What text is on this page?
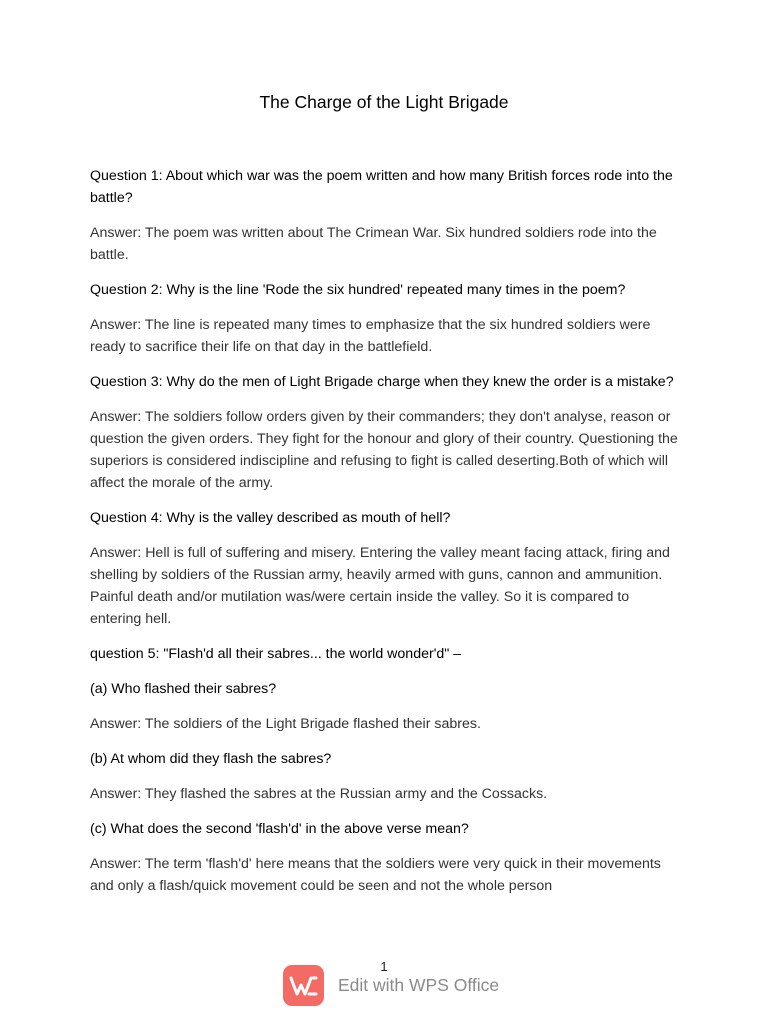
The Charge of the Light Brigade

Question 1: About which war was the poem written and how many British forces rode into the battle?

Answer: The poem was written about The Crimean War. Six hundred soldiers rode into the battle.

Question 2: Why is the line 'Rode the six hundred' repeated many times in the poem?

Answer: The line is repeated many times to emphasize that the six hundred soldiers were ready to sacrifice their life on that day in the battlefield.

Question 3: Why do the men of Light Brigade charge when they knew the order is a mistake?

Answer: The soldiers follow orders given by their commanders; they don't analyse, reason or question the given orders. They fight for the honour and glory of their country. Questioning the superiors is considered indiscipline and refusing to fight is called deserting.Both of which will affect the morale of the army.

Question 4: Why is the valley described as mouth of hell?

Answer: Hell is full of suffering and misery. Entering the valley meant facing attack, firing and shelling by soldiers of the Russian army, heavily armed with guns, cannon and ammunition. Painful death and/or mutilation was/were certain inside the valley. So it is compared to entering hell.

question 5: "Flash'd all their sabres... the world wonder'd" –

(a) Who flashed their sabres?

Answer: The soldiers of the Light Brigade flashed their sabres.

(b) At whom did they flash the sabres?

Answer: They flashed the sabres at the Russian army and the Cossacks.

(c) What does the second 'flash'd' in the above verse mean?

Answer: The term 'flash'd' here means that the soldiers were very quick in their movements and only a flash/quick movement could be seen and not the whole person

1
Edit with WPS Office
